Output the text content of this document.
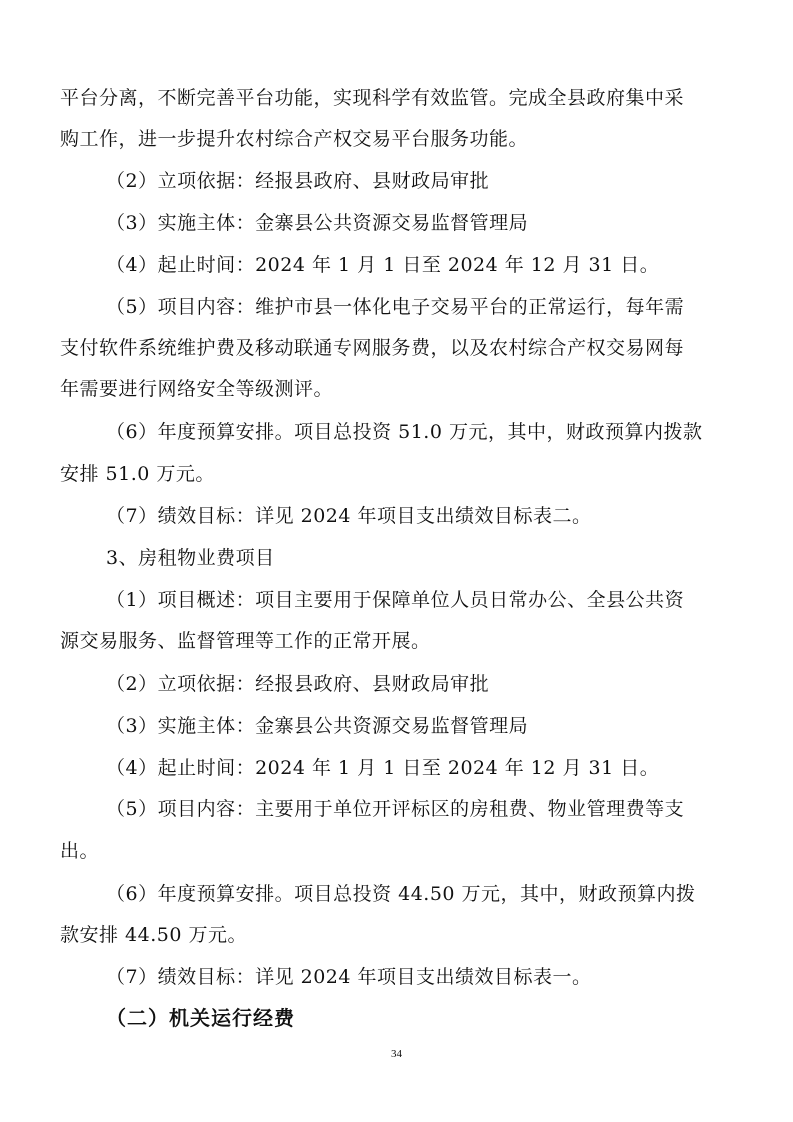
平台分离，不断完善平台功能，实现科学有效监管。完成全县政府集中采
购工作，进一步提升农村综合产权交易平台服务功能。
（2）立项依据：经报县政府、县财政局审批
（3）实施主体：金寨县公共资源交易监督管理局
（4）起止时间：2024 年 1 月 1 日至 2024 年 12 月 31 日。
（5）项目内容：维护市县一体化电子交易平台的正常运行，每年需
支付软件系统维护费及移动联通专网服务费，以及农村综合产权交易网每
年需要进行网络安全等级测评。
（6）年度预算安排。项目总投资 51.0 万元，其中，财政预算内拨款
安排 51.0 万元。
（7）绩效目标：详见 2024 年项目支出绩效目标表二。
3、房租物业费项目
（1）项目概述：项目主要用于保障单位人员日常办公、全县公共资
源交易服务、监督管理等工作的正常开展。
（2）立项依据：经报县政府、县财政局审批
（3）实施主体：金寨县公共资源交易监督管理局
（4）起止时间：2024 年 1 月 1 日至 2024 年 12 月 31 日。
（5）项目内容：主要用于单位开评标区的房租费、物业管理费等支
出。
（6）年度预算安排。项目总投资 44.50 万元，其中，财政预算内拨
款安排 44.50 万元。
（7）绩效目标：详见 2024 年项目支出绩效目标表一。
（二）机关运行经费
34
